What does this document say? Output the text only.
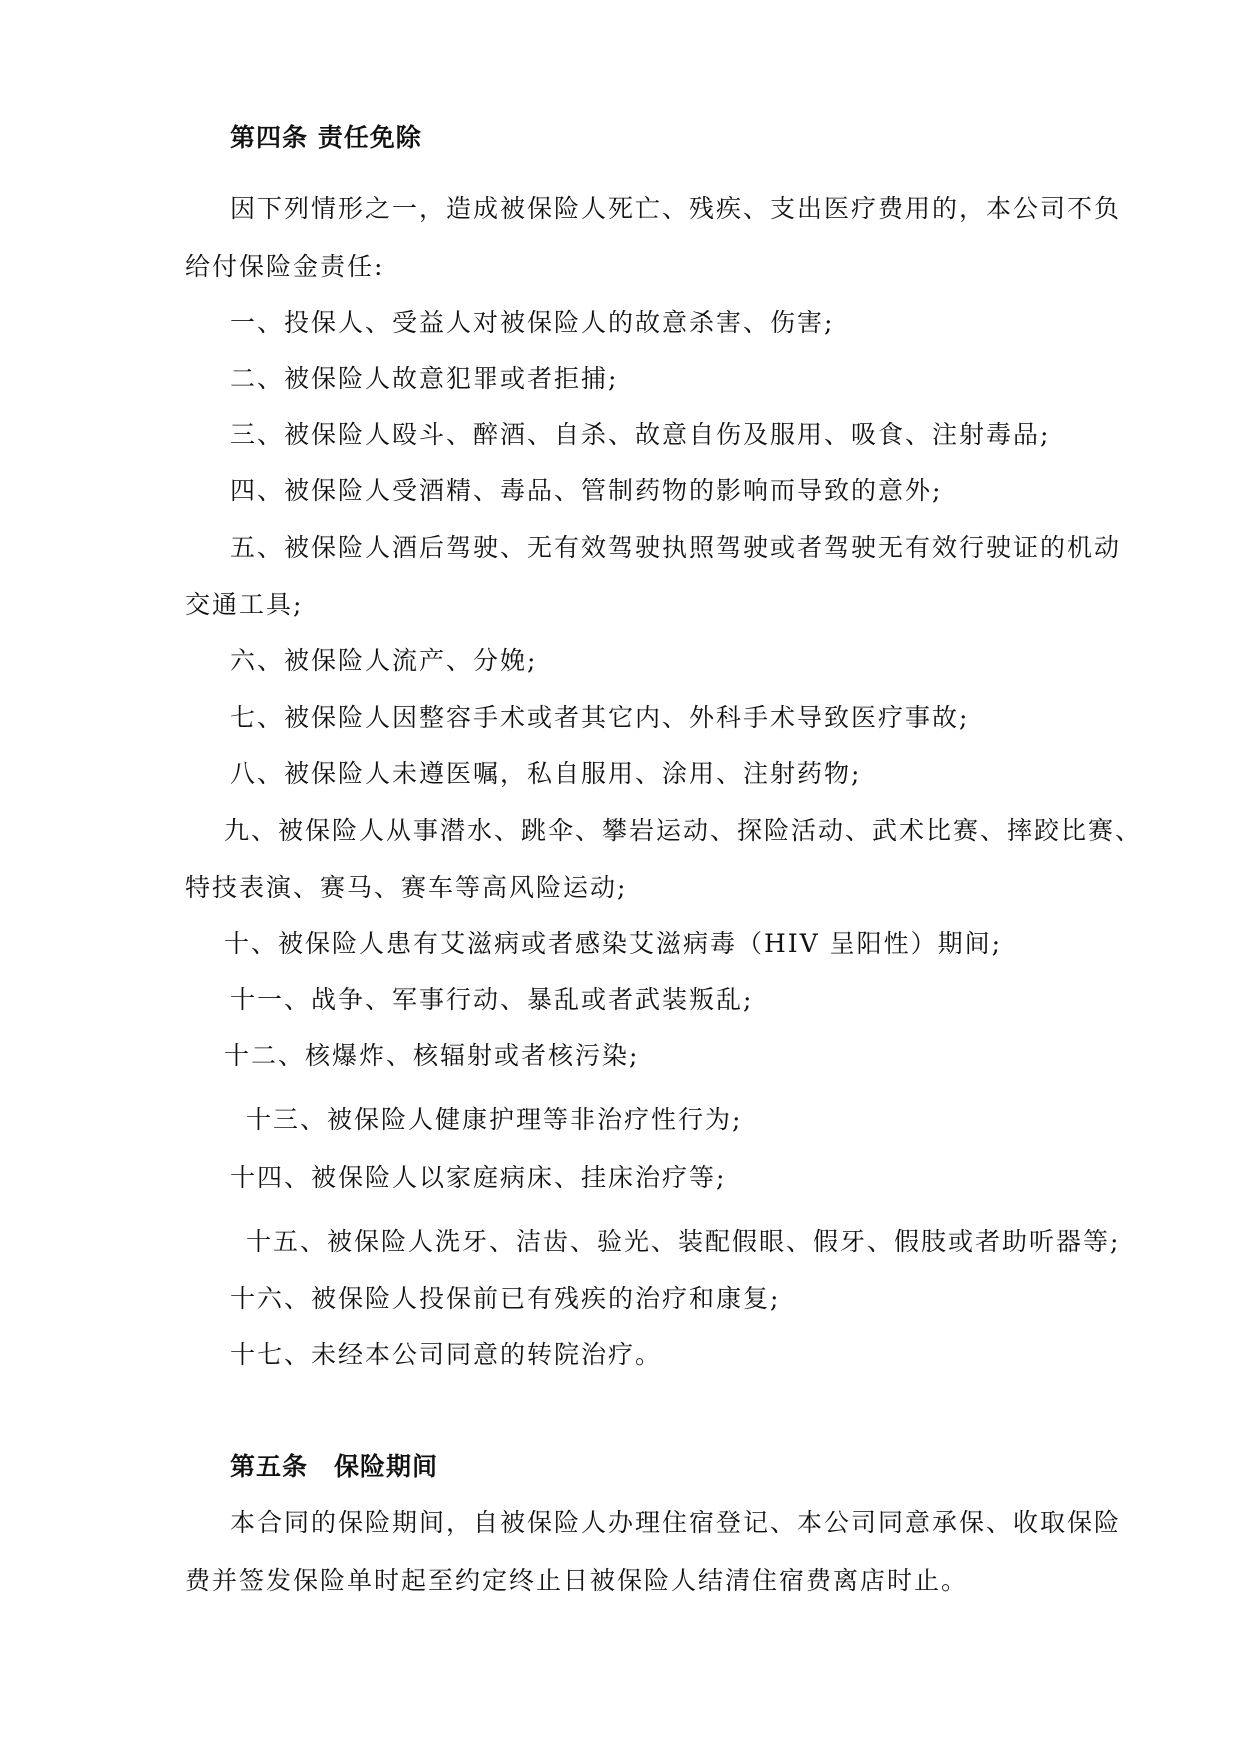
第四条 责任免除
因下列情形之一，造成被保险人死亡、残疾、支出医疗费用的，本公司不负
给付保险金责任:
一、投保人、受益人对被保险人的故意杀害、伤害;
二、被保险人故意犯罪或者拒捕;
三、被保险人殴斗、醉酒、自杀、故意自伤及服用、吸食、注射毒品;
四、被保险人受酒精、毒品、管制药物的影响而导致的意外;
五、被保险人酒后驾驶、无有效驾驶执照驾驶或者驾驶无有效行驶证的机动
交通工具;
六、被保险人流产、分娩;
七、被保险人因整容手术或者其它内、外科手术导致医疗事故;
八、被保险人未遵医嘱，私自服用、涂用、注射药物;
九、被保险人从事潜水、跳伞、攀岩运动、探险活动、武术比赛、摔跤比赛、
特技表演、赛马、赛车等高风险运动;
十、被保险人患有艾滋病或者感染艾滋病毒（HIV 呈阳性）期间;
十一、战争、军事行动、暴乱或者武装叛乱;
十二、核爆炸、核辐射或者核污染;
十三、被保险人健康护理等非治疗性行为;
十四、被保险人以家庭病床、挂床治疗等;
十五、被保险人洗牙、洁齿、验光、装配假眼、假牙、假肢或者助听器等;
十六、被保险人投保前已有残疾的治疗和康复;
十七、未经本公司同意的转院治疗。
第五条　保险期间
本合同的保险期间，自被保险人办理住宿登记、本公司同意承保、收取保险
费并签发保险单时起至约定终止日被保险人结清住宿费离店时止。
